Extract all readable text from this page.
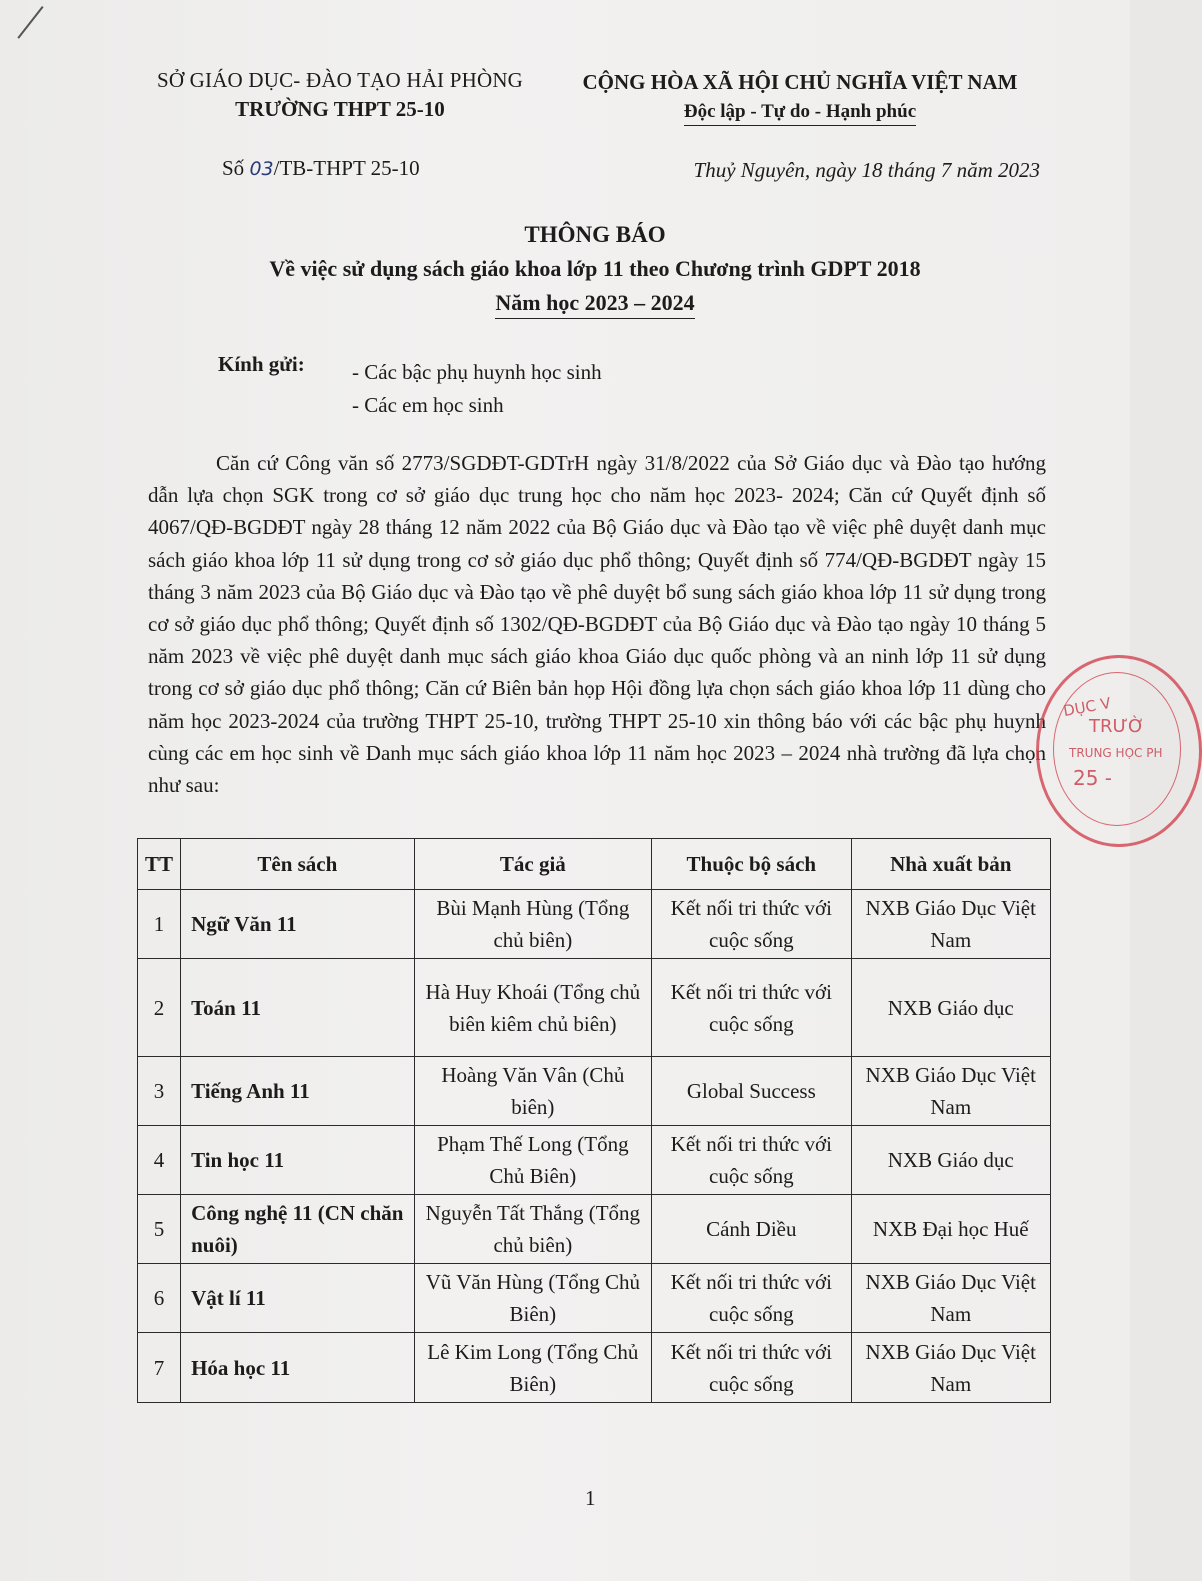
SỞ GIÁO DỤC- ĐÀO TẠO HẢI PHÒNG
TRƯỜNG THPT 25-10
CỘNG HÒA XÃ HỘI CHỦ NGHĨA VIỆT NAM
Độc lập - Tự do - Hạnh phúc
Số 03/TB-THPT 25-10	Thuỷ Nguyên, ngày 18 tháng 7 năm 2023
THÔNG BÁO
Về việc sử dụng sách giáo khoa lớp 11 theo Chương trình GDPT 2018
Năm học 2023 – 2024
Kính gửi: - Các bậc phụ huynh học sinh
- Các em học sinh
Căn cứ Công văn số 2773/SGDĐT-GDTrH ngày 31/8/2022 của Sở Giáo dục và Đào tạo hướng dẫn lựa chọn SGK trong cơ sở giáo dục trung học cho năm học 2023- 2024; Căn cứ Quyết định số 4067/QĐ-BGDĐT ngày 28 tháng 12 năm 2022 của Bộ Giáo dục và Đào tạo về việc phê duyệt danh mục sách giáo khoa lớp 11 sử dụng trong cơ sở giáo dục phổ thông; Quyết định số 774/QĐ-BGDĐT ngày 15 tháng 3 năm 2023 của Bộ Giáo dục và Đào tạo về phê duyệt bổ sung sách giáo khoa lớp 11 sử dụng trong cơ sở giáo dục phổ thông; Quyết định số 1302/QĐ-BGDĐT của Bộ Giáo dục và Đào tạo ngày 10 tháng 5 năm 2023 về việc phê duyệt danh mục sách giáo khoa Giáo dục quốc phòng và an ninh lớp 11 sử dụng trong cơ sở giáo dục phổ thông; Căn cứ Biên bản họp Hội đồng lựa chọn sách giáo khoa lớp 11 dùng cho năm học 2023-2024 của trường THPT 25-10, trường THPT 25-10 xin thông báo với các bậc phụ huynh cùng các em học sinh về Danh mục sách giáo khoa lớp 11 năm học 2023 – 2024 nhà trường đã lựa chọn như sau:
TT	Tên sách	Tác giả	Thuộc bộ sách	Nhà xuất bản
1	Ngữ Văn 11	Bùi Mạnh Hùng (Tổng chủ biên)	Kết nối tri thức với cuộc sống	NXB Giáo Dục Việt Nam
2	Toán 11	Hà Huy Khoái (Tổng chủ biên kiêm chủ biên)	Kết nối tri thức với cuộc sống	NXB Giáo dục
3	Tiếng Anh 11	Hoàng Văn Vân (Chủ biên)	Global Success	NXB Giáo Dục Việt Nam
4	Tin học 11	Phạm Thế Long (Tổng Chủ Biên)	Kết nối tri thức với cuộc sống	NXB Giáo dục
5	Công nghệ 11 (CN chăn nuôi)	Nguyễn Tất Thắng (Tổng chủ biên)	Cánh Diều	NXB Đại học Huế
6	Vật lí 11	Vũ Văn Hùng (Tổng Chủ Biên)	Kết nối tri thức với cuộc sống	NXB Giáo Dục Việt Nam
7	Hóa học 11	Lê Kim Long (Tổng Chủ Biên)	Kết nối tri thức với cuộc sống	NXB Giáo Dục Việt Nam
DỤC V
TRƯỜ
TRUNG HỌC PH
25 -
1
